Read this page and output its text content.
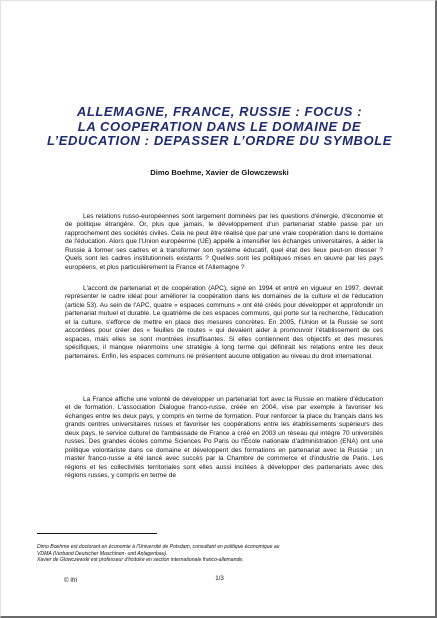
ALLEMAGNE, FRANCE, RUSSIE : FOCUS :
LA COOPERATION DANS LE DOMAINE DE
L’EDUCATION : DEPASSER L’ORDRE DU SYMBOLE
Dimo Boehme, Xavier de Glowczewski

Les relations russo-européennes sont largement dominées par les questions d'énergie, d'économie et de politique étrangère. Or, plus que jamais, le développement d'un partenariat stable passe par un rapprochement des sociétés civiles. Cela ne peut être réalisé que par une vraie coopération dans le domaine de l'éducation. Alors que l'Union européenne (UE) appelle à intensifier les échanges universitaires, à aider la Russie à former ses cadres et à transformer son système éducatif, quel état des lieux peut-on dresser ? Quels sont les cadres institutionnels existants ? Quelles sont les politiques mises en œuvre par les pays européens, et plus particulièrement la France et l'Allemagne ?

L'accord de partenariat et de coopération (APC), signé en 1994 et entré en vigueur en 1997, devrait représenter le cadre idéal pour améliorer la coopération dans les domaines de la culture et de l'éducation (article 53). Au sein de l'APC, quatre « espaces communs » ont été créés pour développer et approfondir un partenariat mutuel et durable. Le quatrième de ces espaces communs, qui porte sur la recherche, l'éducation et la culture, s'efforce de mettre en place des mesures concrètes. En 2005, l'Union et la Russie se sont accordées pour créer des « feuilles de routes » qui devaient aider à promouvoir l'établissement de ces espaces, mais elles se sont montrées insuffisantes. Si elles contiennent des objectifs et des mesures spécifiques, il manque néanmoins une stratégie à long terme qui définirait les relations entre les deux partenaires. Enfin, les espaces communs ne présentent aucune obligation au niveau du droit international.

La France affiche une volonté de développer un partenariat fort avec la Russie en matière d'éducation et de formation. L'association Dialogue franco-russe, créée en 2004, vise par exemple à favoriser les échanges entre les deux pays, y compris en terme de formation. Pour renforcer la place du français dans les grands centres universitaires russes et favoriser les coopérations entre les établissements supérieurs des deux pays, le service culturel de l'ambassade de France a créé en 2003 un réseau qui intègre 70 universités russes. Des grandes écoles comme Sciences Po Paris ou l'École nationale d'administration (ENA) ont une politique volontariste dans ce domaine et développent des formations en partenariat avec la Russie ; un master franco-russe a été lancé avec succès par la Chambre de commerce et d'industrie de Paris. Les régions et les collectivités territoriales sont elles aussi incitées à développer des partenariats avec des régions russes, y compris en terme de

Dimo Boehme est doctorant en économie à l'Université de Potsdam, consultant en politique économique au
VDMA (Verband Deutscher Maschinen- und Anlagenbau).
Xavier de Glowczewski est professeur d'histoire en section internationale franco-allemande.
© Ifri	1/3
